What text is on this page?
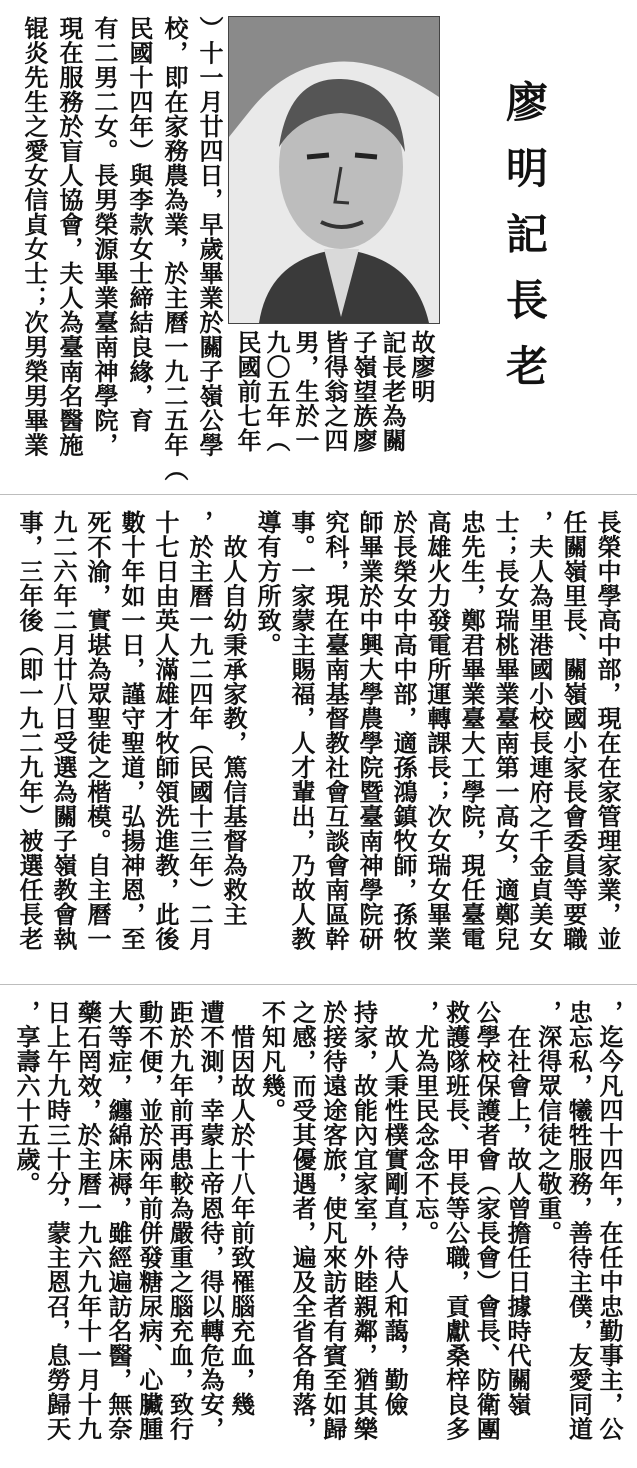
廖明記長老
故廖明
記長老為關
子嶺望族廖
皆得翁之四
男，生於一
九〇五年（
民國前七年
）十一月廿四日，早歲畢業於關子嶺公學
校，即在家務農為業，於主曆一九二五年（
民國十四年）與李款女士締結良緣，育
有二男二女。長男榮源畢業臺南神學院，
現在服務於盲人協會，夫人為臺南名醫施
锟炎先生之愛女信貞女士；次男榮男畢業
長榮中學高中部，現在在家管理家業，並
任關嶺里長、關嶺國小家長會委員等要職
，夫人為里港國小校長連府之千金貞美女
士；長女瑞桃畢業臺南第一高女，適鄭兒
忠先生，鄭君畢業臺大工學院，現任臺電
高雄火力發電所運轉課長；次女瑞女畢業
於長榮女中高中部，適孫鴻鎮牧師，孫牧
師畢業於中興大學農學院暨臺南神學院研
究科，現在臺南基督教社會互談會南區幹
事。一家蒙主賜福，人才輩出，乃故人教
導有方所致。
　故人自幼秉承家教，篤信基督為救主
，於主曆一九二四年（民國十三年）二月
十七日由英人滿雄才牧師領洗進教，此後
數十年如一日，謹守聖道，弘揚神恩，至
死不渝，實堪為眾聖徒之楷模。自主曆一
九二六年二月廿八日受選為關子嶺教會執
事，三年後（即一九二九年）被選任長老
，迄今凡四十四年，在任中忠勤事主，公
忠忘私，犧牲服務，善待主僕，友愛同道
，深得眾信徒之敬重。
　在社會上，故人曾擔任日據時代關嶺
公學校保護者會（家長會）會長、防衛團
救護隊班長、甲長等公職，貢獻桑梓良多
，尤為里民念念不忘。
　故人秉性樸實剛直，待人和藹，勤儉
持家，故能內宜家室，外睦親鄰，猶其樂
於接待遠途客旅，使凡來訪者有賓至如歸
之感，而受其優遇者，遍及全省各角落，
不知凡幾。
　惜因故人於十八年前致罹腦充血，幾
遭不測，幸蒙上帝恩待，得以轉危為安，
距於九年前再患較為嚴重之腦充血，致行
動不便，並於兩年前併發糖尿病、心臟腫
大等症，纏綿床褥，雖經遍訪名醫，無奈
藥石罔效，於主曆一九六九年十一月十九
日上午九時三十分，蒙主恩召，息勞歸天
，享壽六十五歲。
